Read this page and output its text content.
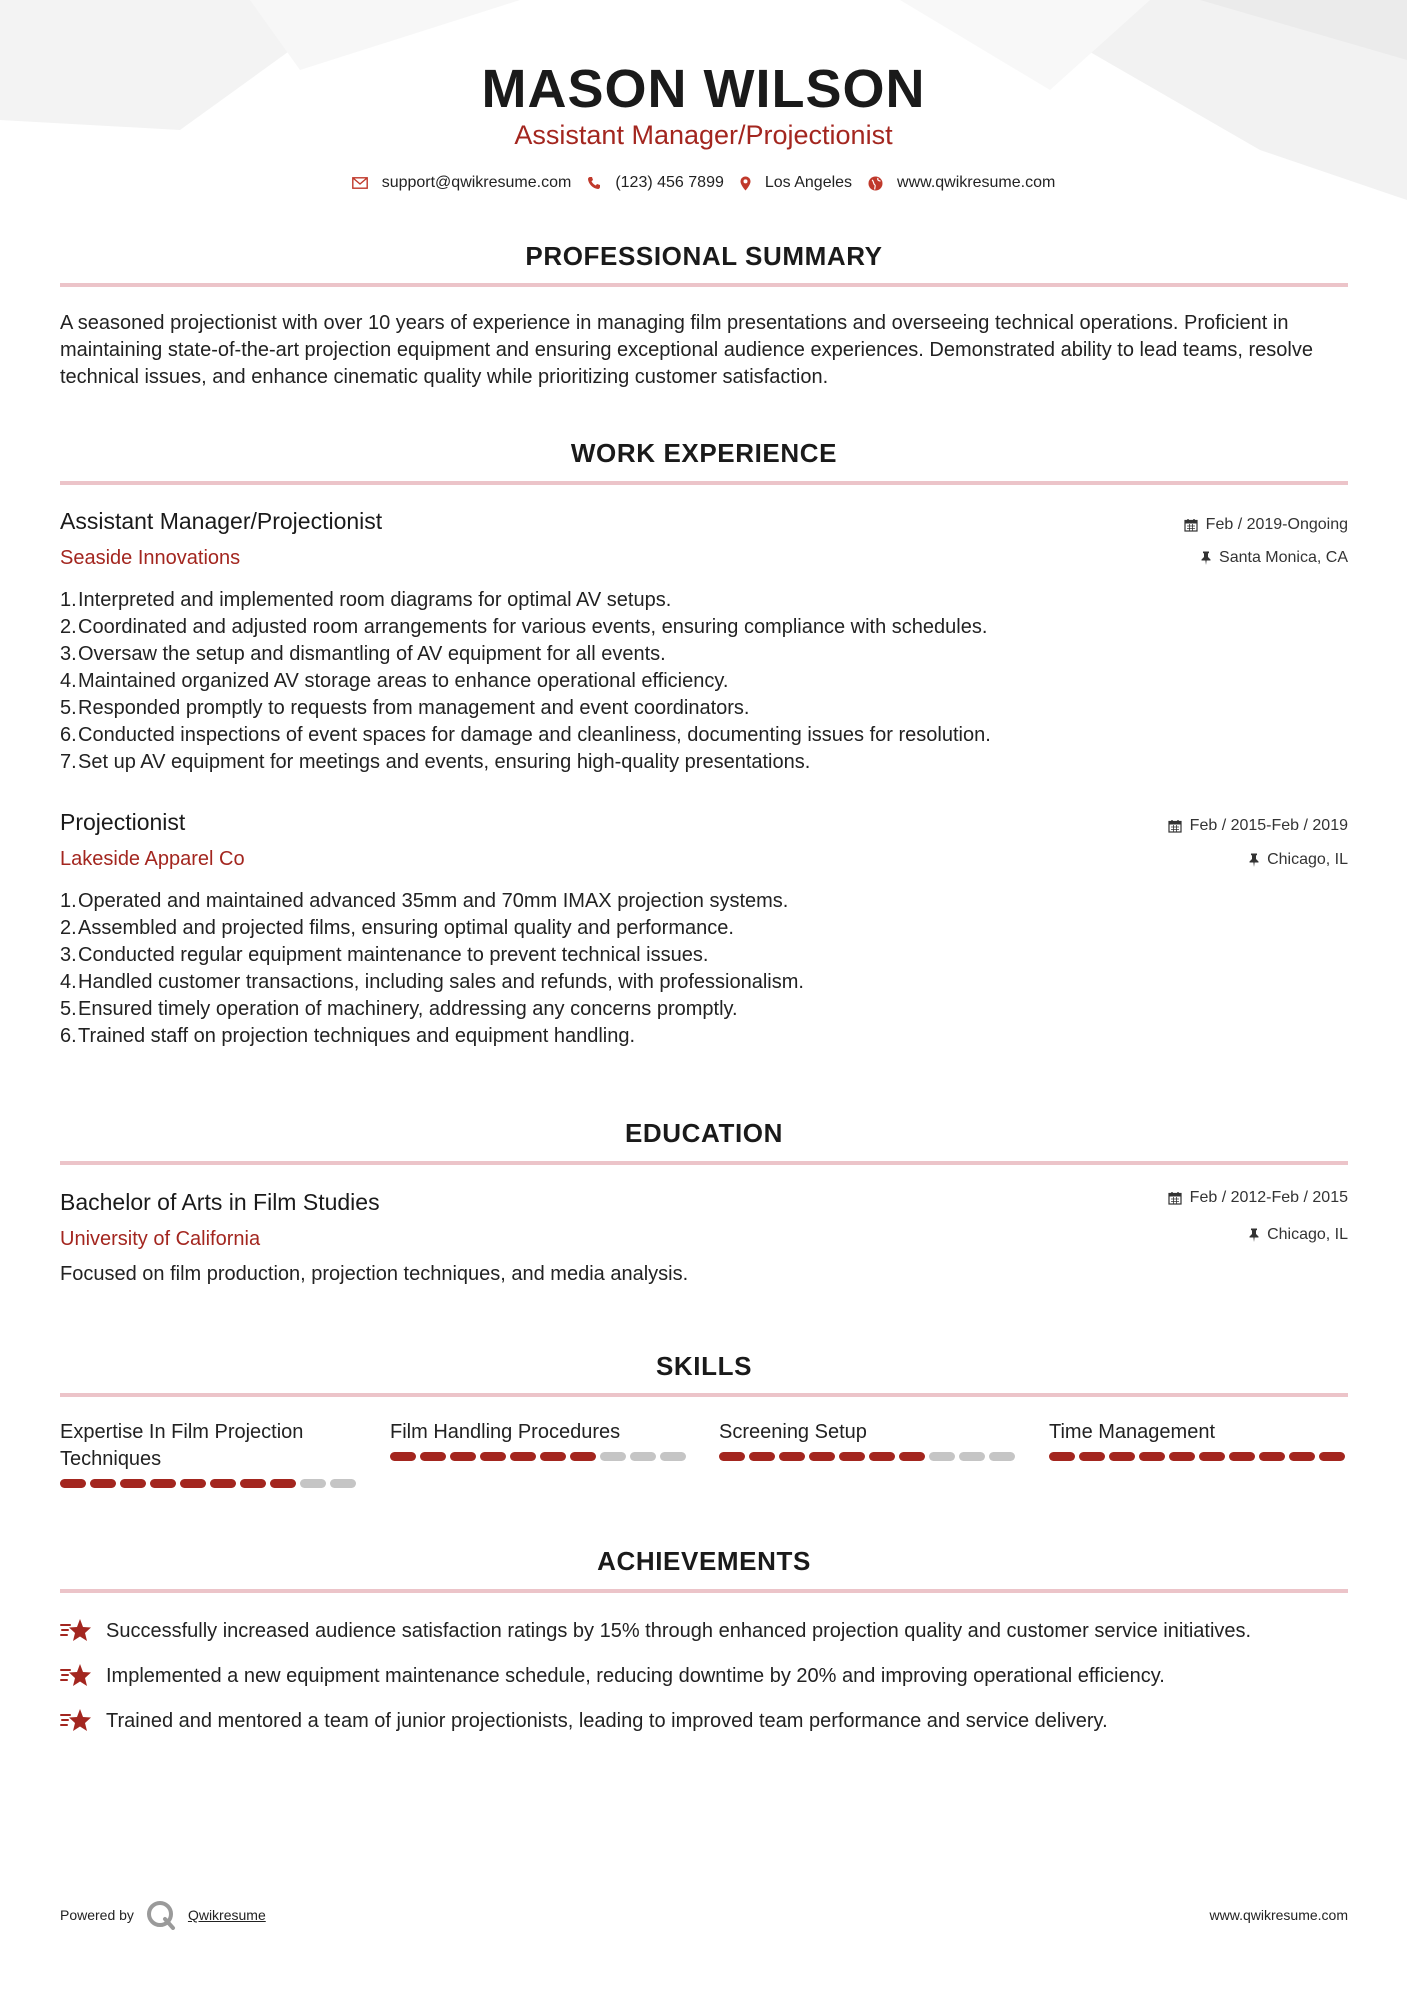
MASON WILSON
Assistant Manager/Projectionist
support@qwikresume.com	(123) 456 7899	Los Angeles	www.qwikresume.com
PROFESSIONAL SUMMARY
A seasoned projectionist with over 10 years of experience in managing film presentations and overseeing technical operations. Proficient in maintaining state-of-the-art projection equipment and ensuring exceptional audience experiences. Demonstrated ability to lead teams, resolve technical issues, and enhance cinematic quality while prioritizing customer satisfaction.
WORK EXPERIENCE
Assistant Manager/Projectionist
Seaside Innovations
Feb / 2019-Ongoing
Santa Monica, CA
Interpreted and implemented room diagrams for optimal AV setups.
Coordinated and adjusted room arrangements for various events, ensuring compliance with schedules.
Oversaw the setup and dismantling of AV equipment for all events.
Maintained organized AV storage areas to enhance operational efficiency.
Responded promptly to requests from management and event coordinators.
Conducted inspections of event spaces for damage and cleanliness, documenting issues for resolution.
Set up AV equipment for meetings and events, ensuring high-quality presentations.
Projectionist
Lakeside Apparel Co
Feb / 2015-Feb / 2019
Chicago, IL
Operated and maintained advanced 35mm and 70mm IMAX projection systems.
Assembled and projected films, ensuring optimal quality and performance.
Conducted regular equipment maintenance to prevent technical issues.
Handled customer transactions, including sales and refunds, with professionalism.
Ensured timely operation of machinery, addressing any concerns promptly.
Trained staff on projection techniques and equipment handling.
EDUCATION
Bachelor of Arts in Film Studies
University of California
Feb / 2012-Feb / 2015
Chicago, IL
Focused on film production, projection techniques, and media analysis.
SKILLS
Expertise In Film Projection Techniques
Film Handling Procedures	Screening Setup	Time Management
ACHIEVEMENTS
Successfully increased audience satisfaction ratings by 15% through enhanced projection quality and customer service initiatives.
Implemented a new equipment maintenance schedule, reducing downtime by 20% and improving operational efficiency.
Trained and mentored a team of junior projectionists, leading to improved team performance and service delivery.
Powered by	Qwikresume	www.qwikresume.com
